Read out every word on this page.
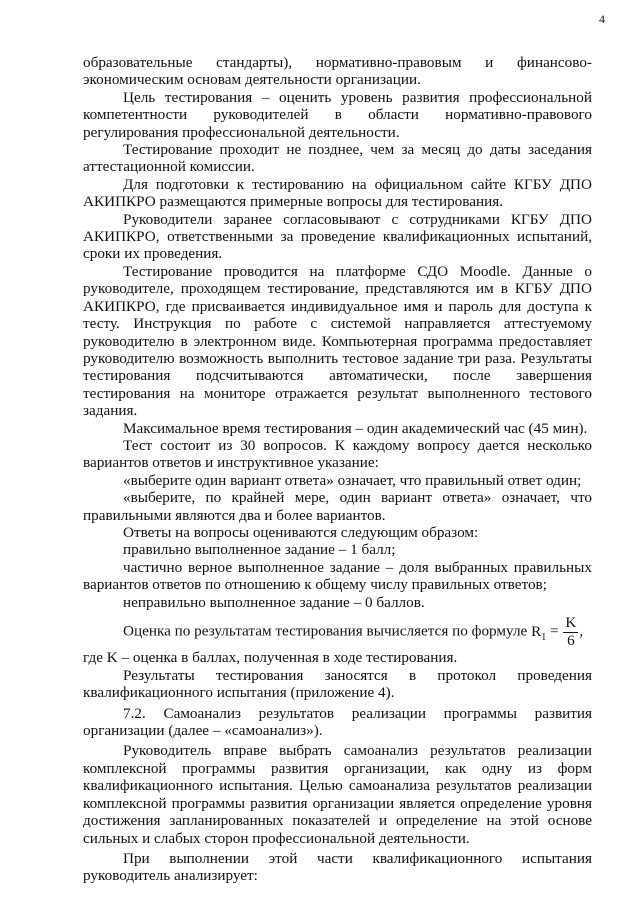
4

образовательные стандарты), нормативно-правовым и финансово-экономическим основам деятельности организации.

Цель тестирования – оценить уровень развития профессиональной компетентности руководителей в области нормативно-правового регулирования профессиональной деятельности.

Тестирование проходит не позднее, чем за месяц до даты заседания аттестационной комиссии.

Для подготовки к тестированию на официальном сайте КГБУ ДПО АКИПКРО размещаются примерные вопросы для тестирования.

Руководители заранее согласовывают с сотрудниками КГБУ ДПО АКИПКРО, ответственными за проведение квалификационных испытаний, сроки их проведения.

Тестирование проводится на платформе СДО Moodle. Данные о руководителе, проходящем тестирование, представляются им в КГБУ ДПО АКИПКРО, где присваивается индивидуальное имя и пароль для доступа к тесту. Инструкция по работе с системой направляется аттестуемому руководителю в электронном виде. Компьютерная программа предоставляет руководителю возможность выполнить тестовое задание три раза. Результаты тестирования подсчитываются автоматически, после завершения тестирования на мониторе отражается результат выполненного тестового задания.

Максимальное время тестирования – один академический час (45 мин).

Тест состоит из 30 вопросов. К каждому вопросу дается несколько вариантов ответов и инструктивное указание:

«выберите один вариант ответа» означает, что правильный ответ один;

«выберите, по крайней мере, один вариант ответа» означает, что правильными являются два и более вариантов.

Ответы на вопросы оцениваются следующим образом:

правильно выполненное задание – 1 балл;

частично верное выполненное задание – доля выбранных правильных вариантов ответов по отношению к общему числу правильных ответов;

неправильно выполненное задание – 0 баллов.

Оценка по результатам тестирования вычисляется по формуле $R_1 = \frac{K}{6}$ ,

где K – оценка в баллах, полученная в ходе тестирования.

Результаты тестирования заносятся в протокол проведения квалификационного испытания (приложение 4).

7.2. Самоанализ результатов реализации программы развития организации (далее – «самоанализ»).

Руководитель вправе выбрать самоанализ результатов реализации комплексной программы развития организации, как одну из форм квалификационного испытания. Целью самоанализа результатов реализации комплексной программы развития организации является определение уровня достижения запланированных показателей и определение на этой основе сильных и слабых сторон профессиональной деятельности.

При выполнении этой части квалификационного испытания руководитель анализирует:
